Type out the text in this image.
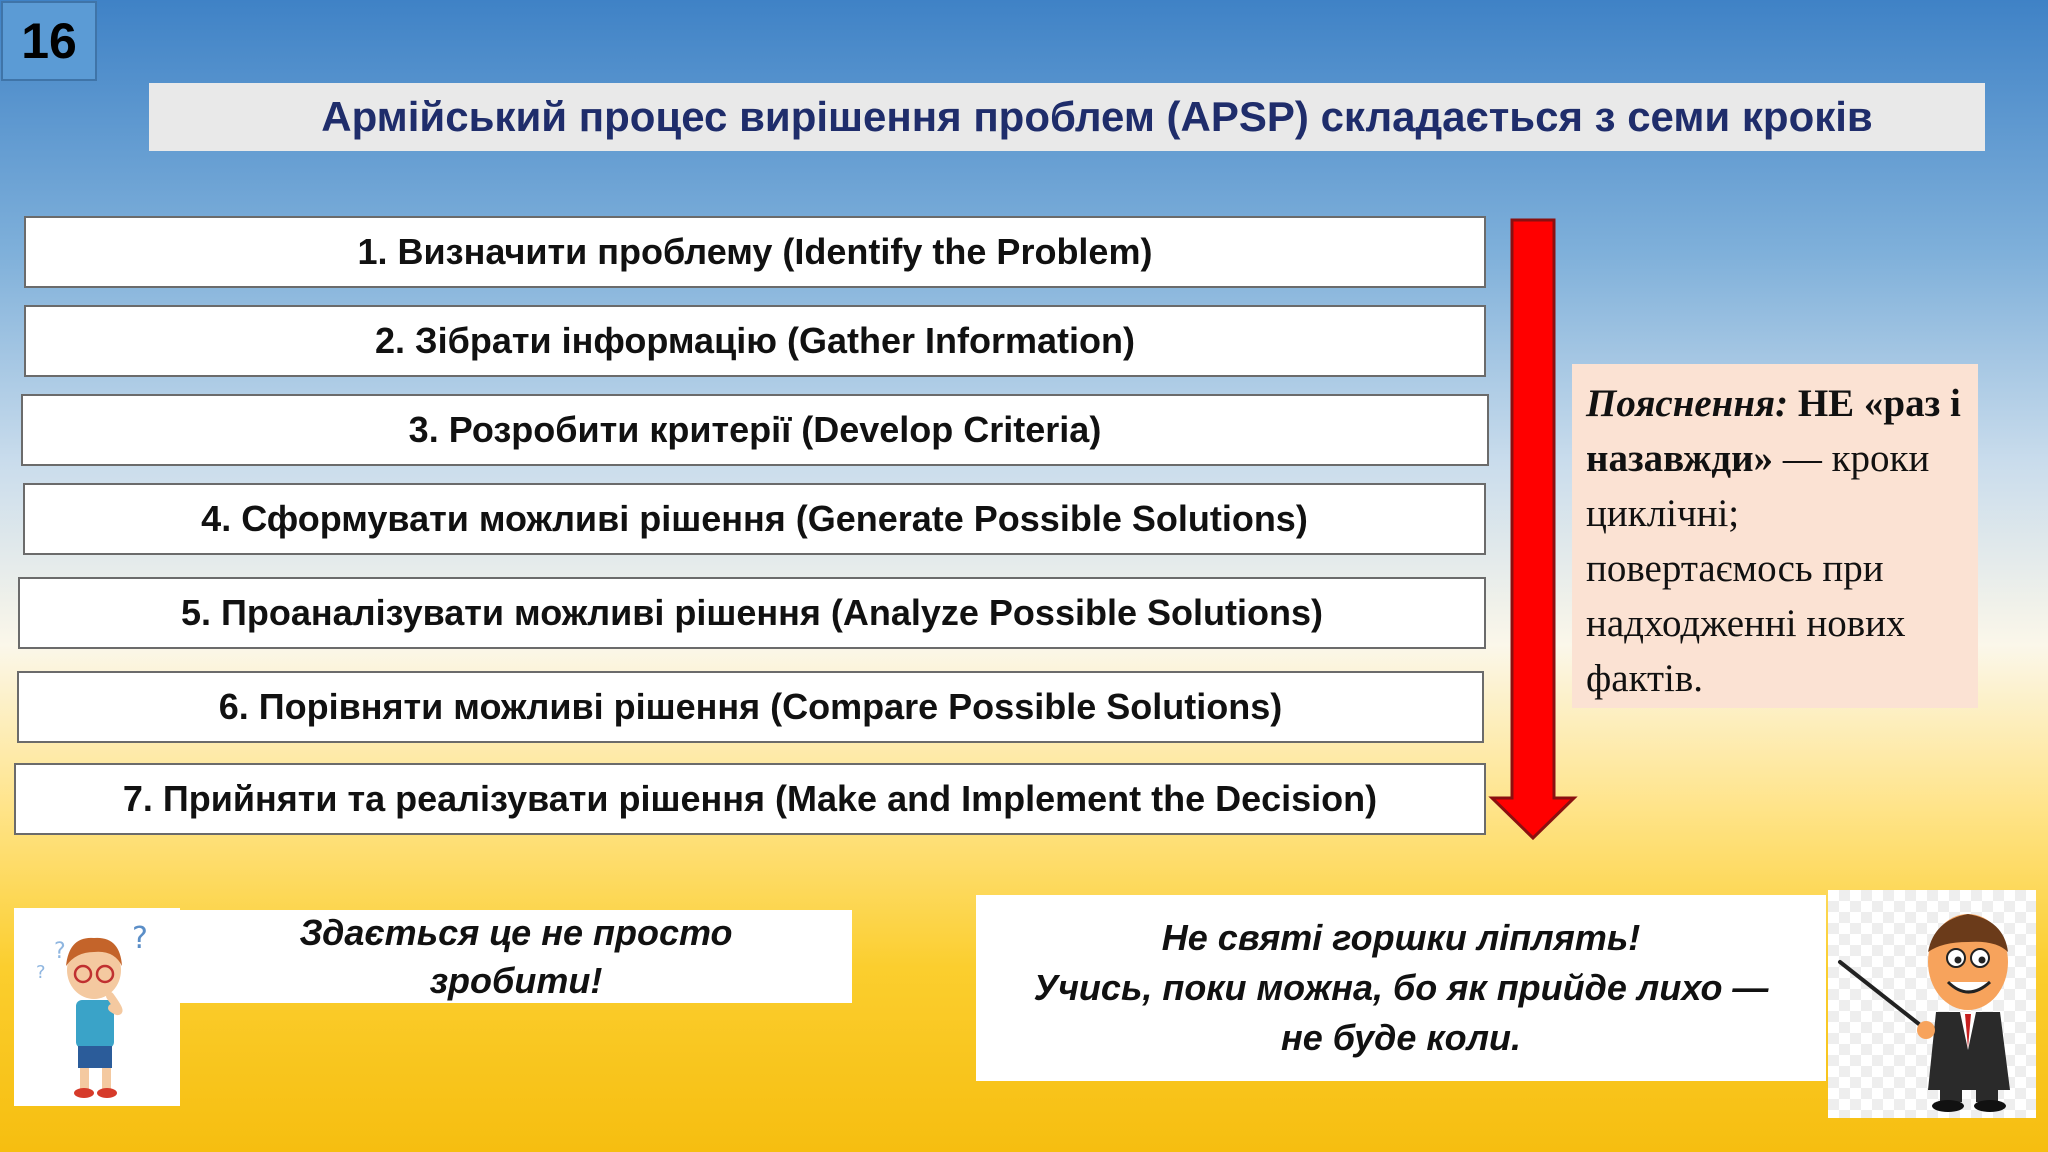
16
Армійський процес вирішення проблем (APSP) складається з семи кроків
1. Визначити проблему (Identify the Problem)
2. Зібрати інформацію (Gather Information)
3. Розробити критерії (Develop Criteria)
4. Сформувати можливі рішення (Generate Possible Solutions)
5. Проаналізувати можливі рішення (Analyze Possible Solutions)
6. Порівняти можливі рішення (Compare Possible Solutions)
7. Прийняти та реалізувати рішення (Make and Implement the Decision)
Пояснення: НЕ «раз і назавжди» — кроки циклічні; повертаємось при надходженні нових фактів.
? ?
?
Здається це не просто
зробити!
Не святі горшки ліплять!
Учись, поки можна, бо як прийде лихо —
не буде коли.
